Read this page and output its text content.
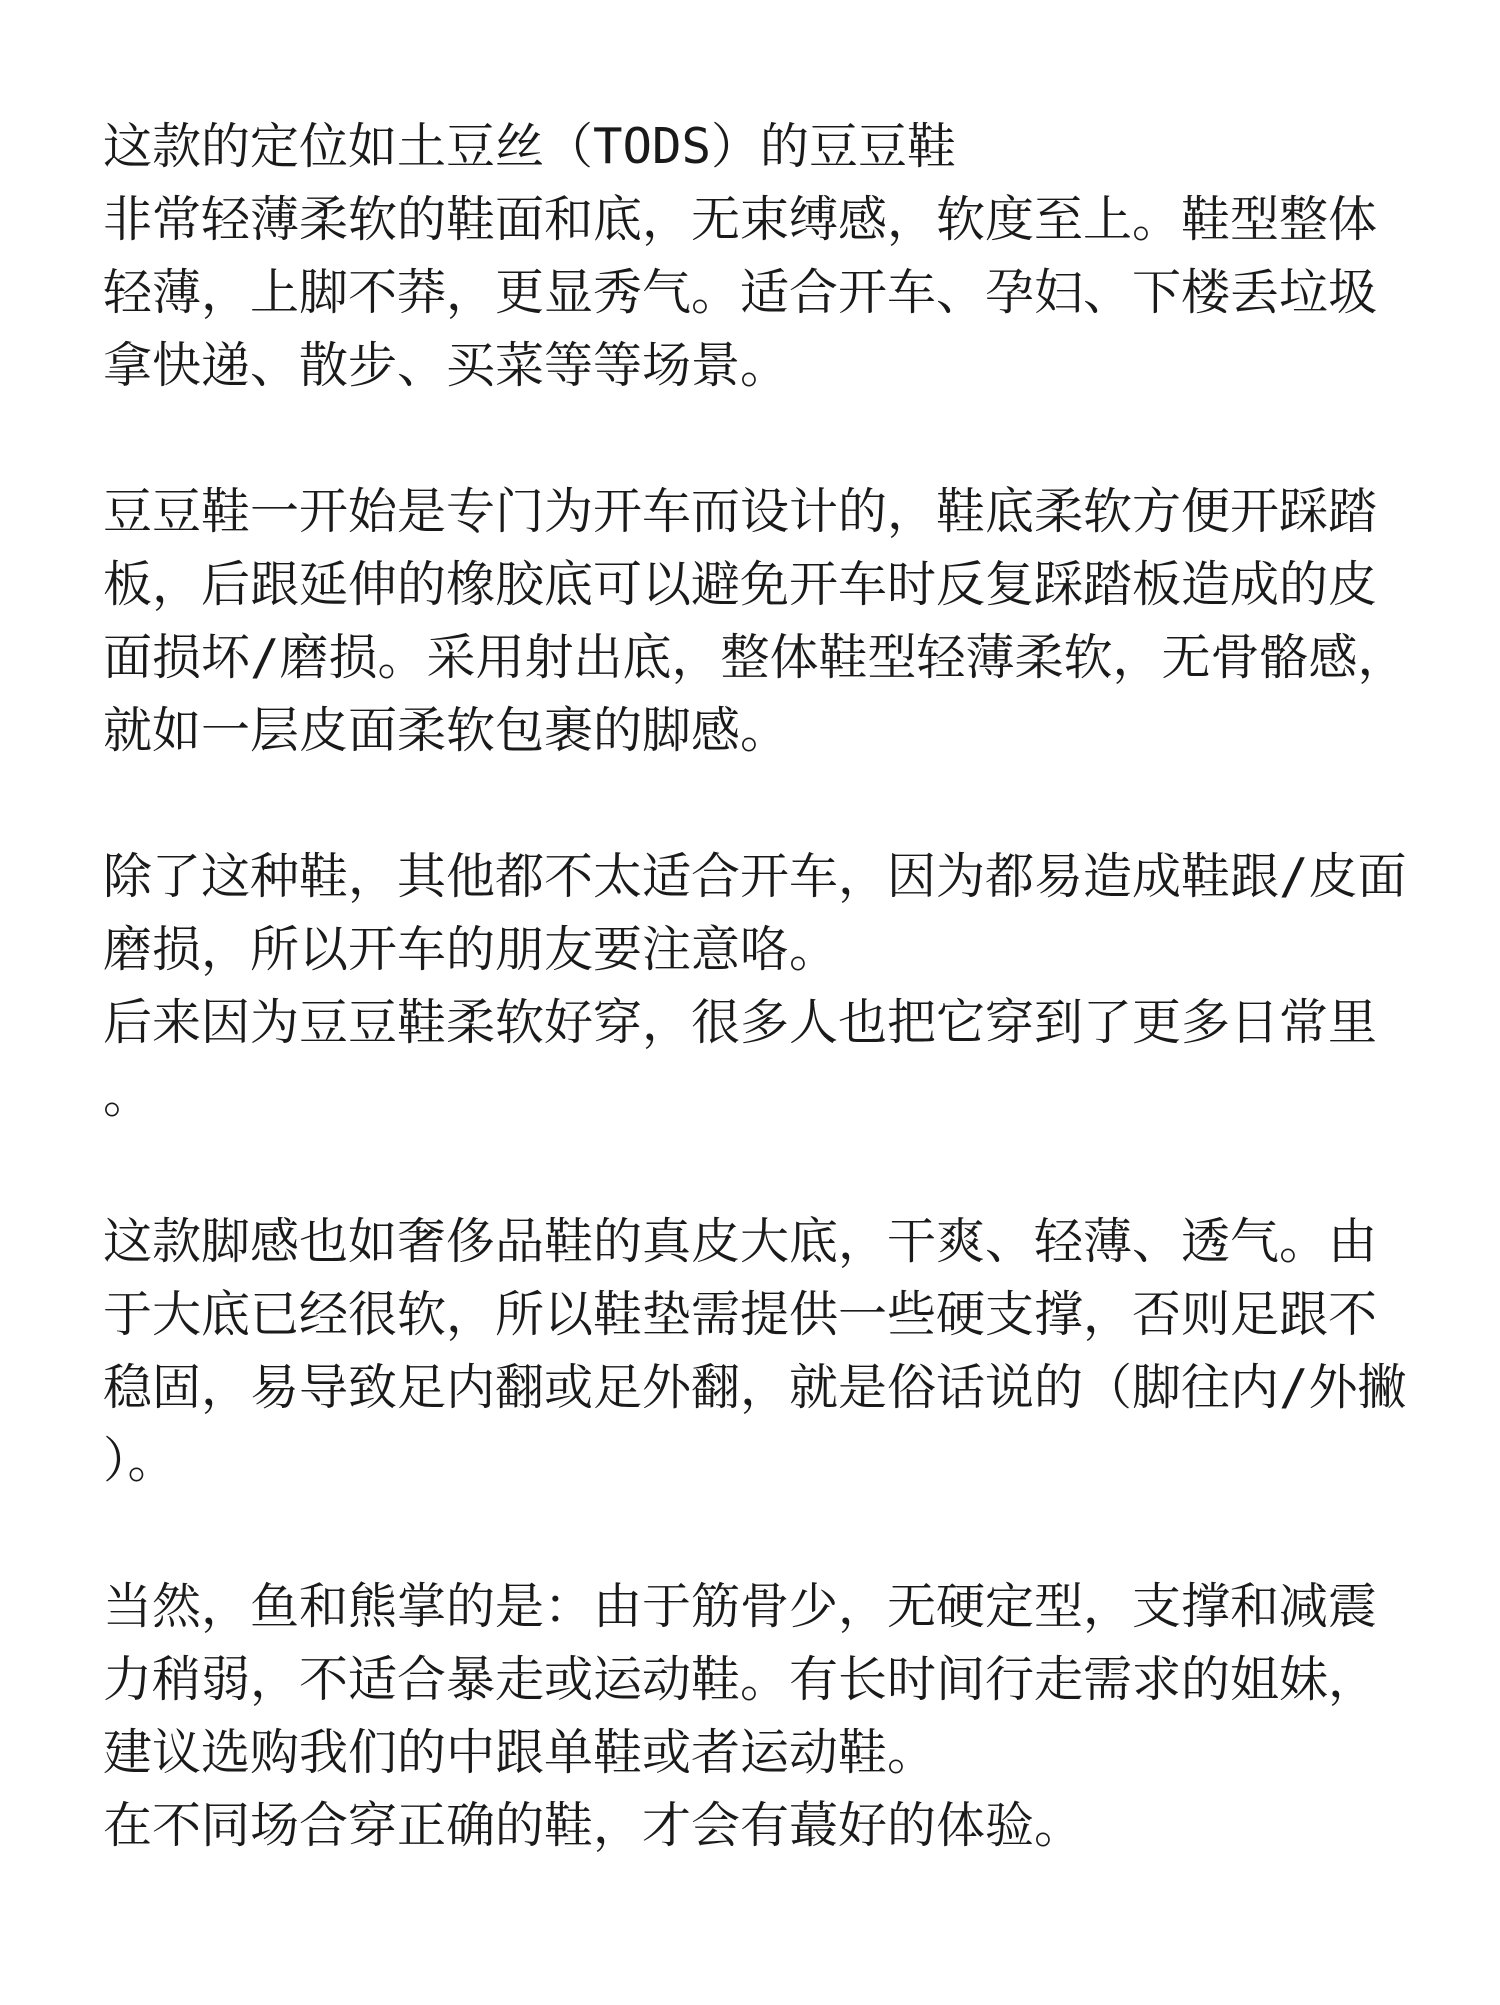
这款的定位如土豆丝（TODS）的豆豆鞋
非常轻薄柔软的鞋面和底，无束缚感，软度至上。鞋型整体
轻薄，上脚不莽，更显秀气。适合开车、孕妇、下楼丢垃圾
拿快递、散步、买菜等等场景。
豆豆鞋一开始是专门为开车而设计的，鞋底柔软方便开踩踏
板，后跟延伸的橡胶底可以避免开车时反复踩踏板造成的皮
面损坏/磨损。采用射出底，整体鞋型轻薄柔软，无骨骼感，
就如一层皮面柔软包裹的脚感。
除了这种鞋，其他都不太适合开车，因为都易造成鞋跟/皮面
磨损，所以开车的朋友要注意咯。
后来因为豆豆鞋柔软好穿，很多人也把它穿到了更多日常里
。
这款脚感也如奢侈品鞋的真皮大底，干爽、轻薄、透气。由
于大底已经很软，所以鞋垫需提供一些硬支撑，否则足跟不
稳固，易导致足内翻或足外翻，就是俗话说的（脚往内/外撇
）。
当然，鱼和熊掌的是：由于筋骨少，无硬定型，支撑和减震
力稍弱，不适合暴走或运动鞋。有长时间行走需求的姐妹，
建议选购我们的中跟单鞋或者运动鞋。
在不同场合穿正确的鞋，才会有蕞好的体验。
